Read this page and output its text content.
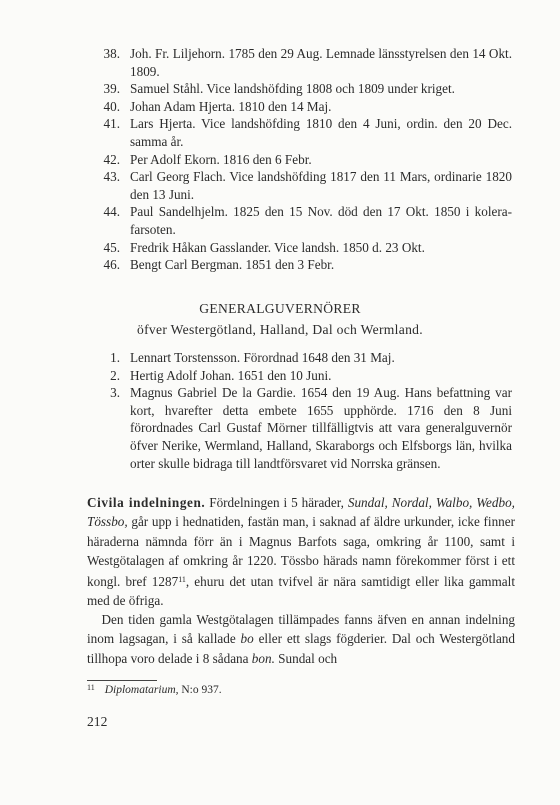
38. Joh. Fr. Liljehorn. 1785 den 29 Aug. Lemnade länsstyrelsen den 14 Okt. 1809.
39. Samuel Ståhl. Vice landshöfding 1808 och 1809 under kriget.
40. Johan Adam Hjerta. 1810 den 14 Maj.
41. Lars Hjerta. Vice landshöfding 1810 den 4 Juni, ordin. den 20 Dec. samma år.
42. Per Adolf Ekorn. 1816 den 6 Febr.
43. Carl Georg Flach. Vice landshöfding 1817 den 11 Mars, ordinarie 1820 den 13 Juni.
44. Paul Sandelhjelm. 1825 den 15 Nov. död den 17 Okt. 1850 i kolera-farsoten.
45. Fredrik Håkan Gasslander. Vice landsh. 1850 d. 23 Okt.
46. Bengt Carl Bergman. 1851 den 3 Febr.
GENERALGUVERNÖRER
öfver Westergötland, Halland, Dal och Wermland.
1. Lennart Torstensson. Förordnad 1648 den 31 Maj.
2. Hertig Adolf Johan. 1651 den 10 Juni.
3. Magnus Gabriel De la Gardie. 1654 den 19 Aug. Hans befattning var kort, hvarefter detta embete 1655 upphörde. 1716 den 8 Juni förordnades Carl Gustaf Mörner tillfälligtvis att vara generalguvernör öfver Nerike, Wermland, Halland, Skaraborgs och Elfsborgs län, hvilka orter skulle bidraga till landtförsvaret vid Norrska gränsen.
Civila indelningen. Fördelningen i 5 härader, Sundal, Nordal, Walbo, Wedbo, Tössbo, går upp i hednatiden, fastän man, i saknad af äldre urkunder, icke finner häraderna nämnda förr än i Magnus Barfots saga, omkring år 1100, samt i Westgötalagen af omkring år 1220. Tössbo härads namn förekommer först i ett kongl. bref 1287$^{11}$, ehuru det utan tvifvel är nära samtidigt eller lika gammalt med de öfriga.
Den tiden gamla Westgötalagen tillämpades fanns äfven en annan indelning inom lagsagan, i så kallade bo eller ett slags fögderier. Dal och Westergötland tillhopa voro delade i 8 sådana bon. Sundal och
$^{11}$ Diplomatarium, N:o 937.
212
